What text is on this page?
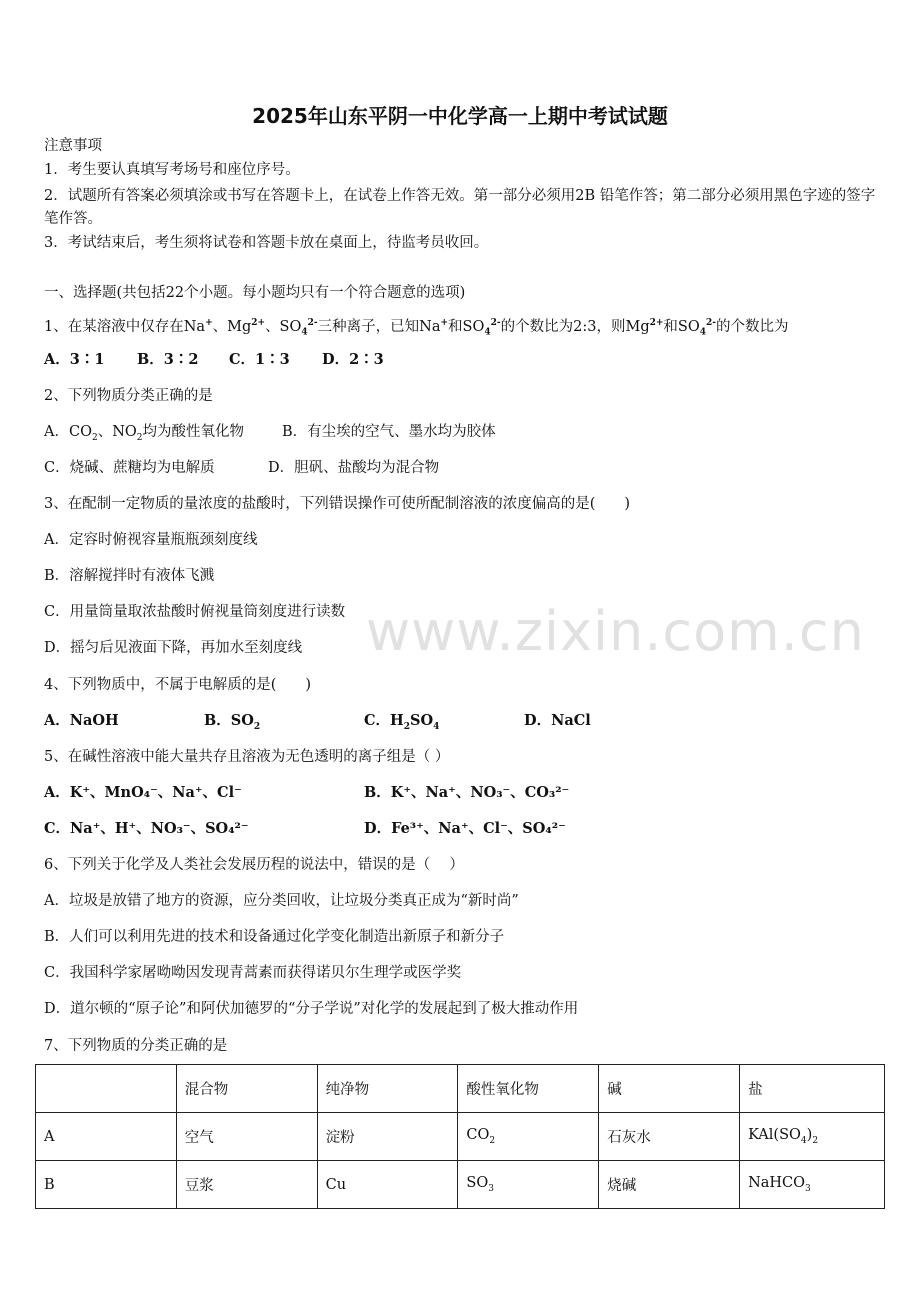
2025年山东平阴一中化学高一上期中考试试题
注意事项
1．考生要认真填写考场号和座位序号。
2．试题所有答案必须填涂或书写在答题卡上，在试卷上作答无效。第一部分必须用2B 铅笔作答；第二部分必须用黑色字迹的签字笔作答。
3．考试结束后，考生须将试卷和答题卡放在桌面上，待监考员收回。
一、选择题(共包括22个小题。每小题均只有一个符合题意的选项)
1、在某溶液中仅存在Na+、$Mg^{2+}$、$SO_4^{2-}$三种离子，已知Na+和$SO_4^{2-}$的个数比为2:3，则$Mg^{2+}$和$SO_4^{2-}$的个数比为
A．3∶1 B．3∶2 C．1∶3 D．2∶3
2、下列物质分类正确的是
A．$CO_2$、$NO_2$均为酸性氧化物	B．有尘埃的空气、墨水均为胶体
C．烧碱、蔗糖均为电解质	D．胆矾、盐酸均为混合物
3、在配制一定物质的量浓度的盐酸时，下列错误操作可使所配制溶液的浓度偏高的是(　　)
A．定容时俯视容量瓶瓶颈刻度线
B．溶解搅拌时有液体飞溅
C．用量筒量取浓盐酸时俯视量筒刻度进行读数
D．摇匀后见液面下降，再加水至刻度线
4、下列物质中，不属于电解质的是(　　)
A．NaOH	B．$SO_2$	C．$H_2SO_4$	D．NaCl
5、在碱性溶液中能大量共存且溶液为无色透明的离子组是（ ）
A．K⁺、MnO₄⁻、Na⁺、Cl⁻	B．K⁺、Na⁺、NO₃⁻、CO₃²⁻
C．Na⁺、H⁺、NO₃⁻、SO₄²⁻	D．Fe³⁺、Na⁺、Cl⁻、SO₄²⁻
6、下列关于化学及人类社会发展历程的说法中，错误的是（　 ）
A．垃圾是放错了地方的资源，应分类回收，让垃圾分类真正成为“新时尚”
B．人们可以利用先进的技术和设备通过化学变化制造出新原子和新分子
C．我国科学家屠呦呦因发现青蒿素而获得诺贝尔生理学或医学奖
D．道尔顿的“原子论”和阿伏加德罗的“分子学说”对化学的发展起到了极大推动作用
7、下列物质的分类正确的是
	混合物	纯净物	酸性氧化物	碱	盐
A	空气	淀粉	$CO_2$	石灰水	$KAl(SO_4)_2$
B	豆浆	Cu	$SO_3$	烧碱	NaHCO$_3$
www.zixin.com.cn
